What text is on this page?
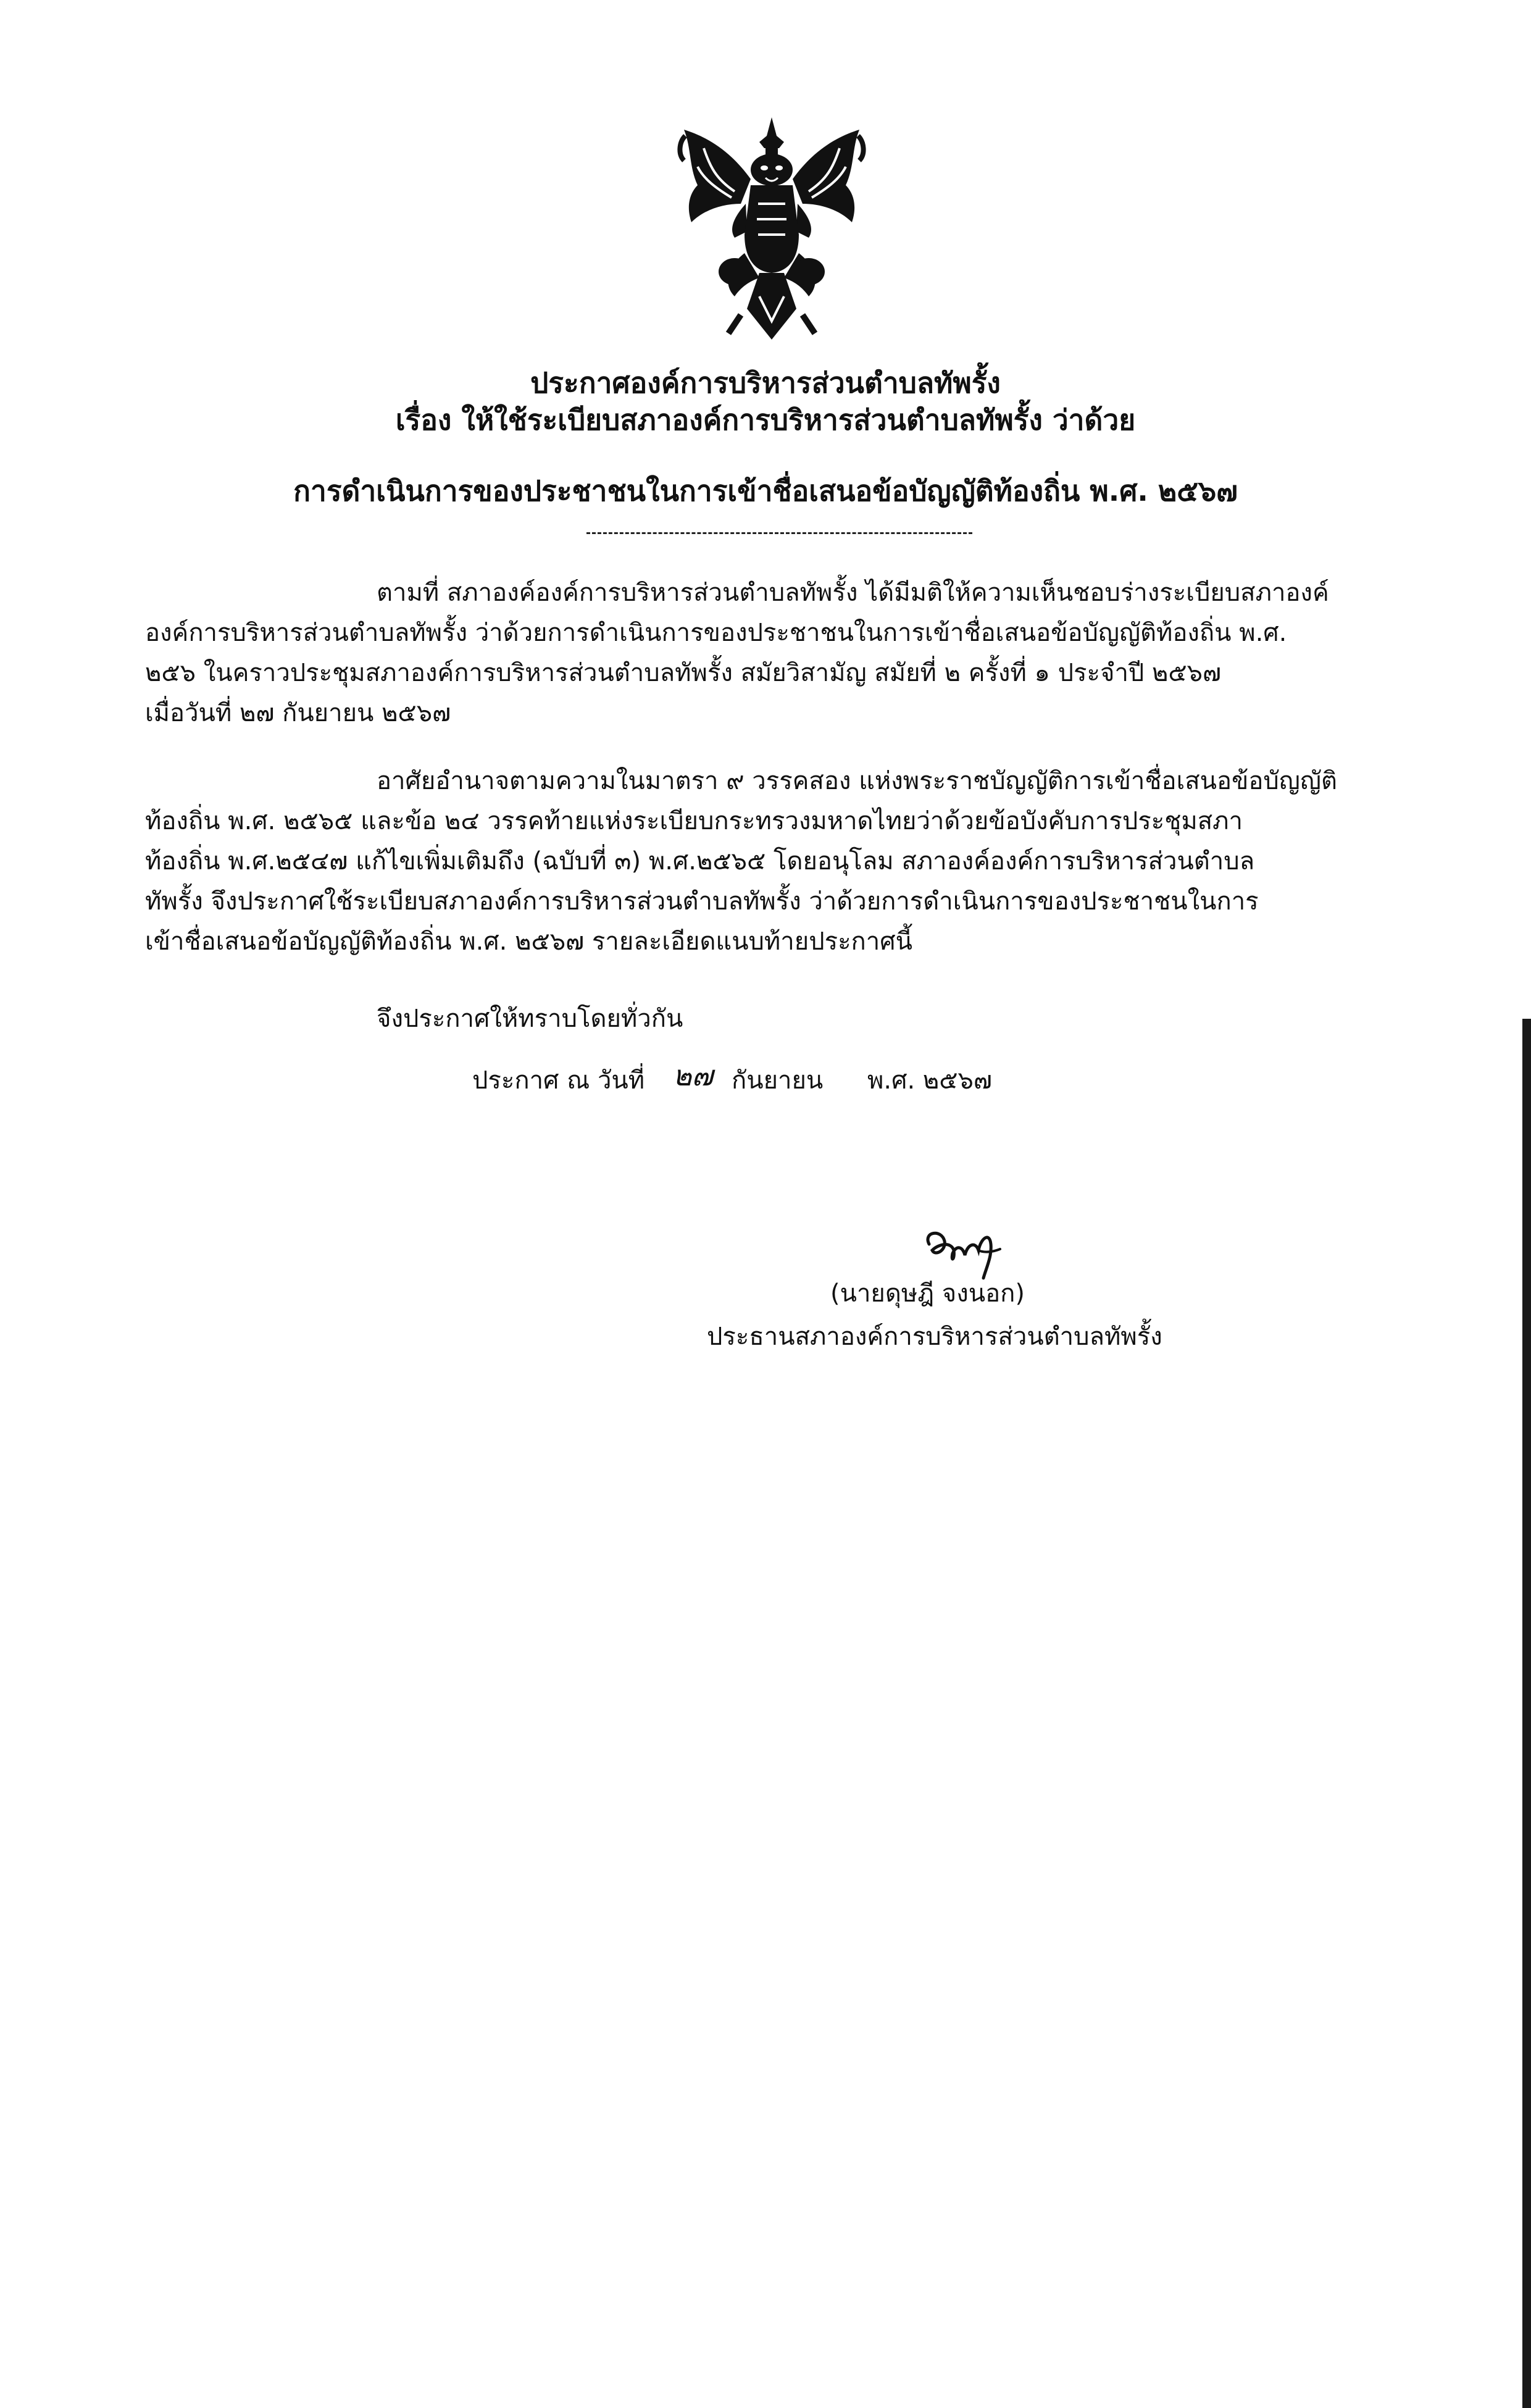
ประกาศองค์การบริหารส่วนตำบลทัพรั้ง
เรื่อง ให้ใช้ระเบียบสภาองค์การบริหารส่วนตำบลทัพรั้ง ว่าด้วย
การดำเนินการของประชาชนในการเข้าชื่อเสนอข้อบัญญัติท้องถิ่น พ.ศ. ๒๕๖๗
ตามที่ สภาองค์องค์การบริหารส่วนตำบลทัพรั้ง ได้มีมติให้ความเห็นชอบร่างระเบียบสภาองค์
องค์การบริหารส่วนตำบลทัพรั้ง ว่าด้วยการดำเนินการของประชาชนในการเข้าชื่อเสนอข้อบัญญัติท้องถิ่น พ.ศ.
๒๕๖ ในคราวประชุมสภาองค์การบริหารส่วนตำบลทัพรั้ง สมัยวิสามัญ สมัยที่ ๒ ครั้งที่ ๑ ประจำปี ๒๕๖๗
เมื่อวันที่ ๒๗ กันยายน ๒๕๖๗
อาศัยอำนาจตามความในมาตรา ๙ วรรคสอง แห่งพระราชบัญญัติการเข้าชื่อเสนอข้อบัญญัติ
ท้องถิ่น พ.ศ. ๒๕๖๕ และข้อ ๒๔ วรรคท้ายแห่งระเบียบกระทรวงมหาดไทยว่าด้วยข้อบังคับการประชุมสภา
ท้องถิ่น พ.ศ.๒๕๔๗ แก้ไขเพิ่มเติมถึง (ฉบับที่ ๓) พ.ศ.๒๕๖๕ โดยอนุโลม สภาองค์องค์การบริหารส่วนตำบล
ทัพรั้ง จึงประกาศใช้ระเบียบสภาองค์การบริหารส่วนตำบลทัพรั้ง ว่าด้วยการดำเนินการของประชาชนในการ
เข้าชื่อเสนอข้อบัญญัติท้องถิ่น พ.ศ. ๒๕๖๗ รายละเอียดแนบท้ายประกาศนี้
จึงประกาศให้ทราบโดยทั่วกัน
ประกาศ ณ วันที่ ๒๗ กันยายน พ.ศ. ๒๕๖๗
(นายดุษฎี จงนอก)
ประธานสภาองค์การบริหารส่วนตำบลทัพรั้ง
